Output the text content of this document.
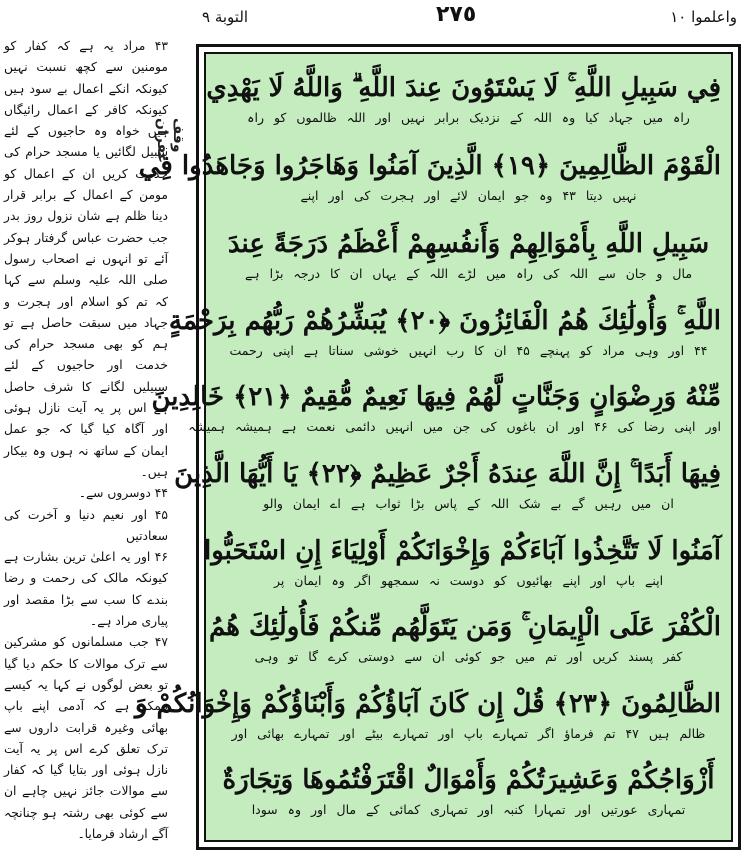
التوبة ٩	٢٧٥	واعلموا ١٠

۴۳ مراد یہ ہے کہ کفار کو مومنین سے کچھ نسبت نہیں کیونکہ انکے اعمال بے سود ہیں کیونکہ کافر کے اعمال رائیگاں ہیں خواہ وہ حاجیوں کے لئے سبیل لگائیں یا مسجد حرام کی خدمت کریں ان کے اعمال کو مومن کے اعمال کے برابر قرار دینا ظلم ہے شان نزول روز بدر جب حضرت عباس گرفتار ہوکر آئے تو انہوں نے اصحاب رسول صلی اللہ علیہ وسلم سے کہا کہ تم کو اسلام اور ہجرت و جہاد میں سبقت حاصل ہے تو ہم کو بھی مسجد حرام کی خدمت اور حاجیوں کے لئے سبیلیں لگانے کا شرف حاصل ہے اس پر یہ آیت نازل ہوئی اور آگاہ کیا گیا کہ جو عمل ایمان کے ساتھ نہ ہوں وہ بیکار ہیں۔

۴۴ دوسروں سے۔

۴۵ اور نعیم دنیا و آخرت کی سعادتیں

۴۶ اور یہ اعلیٰ ترین بشارت ہے کیونکہ مالک کی رحمت و رضا بندے کا سب سے بڑا مقصد اور پیاری مراد ہے۔

۴۷ جب مسلمانوں کو مشرکین سے ترک موالات کا حکم دیا گیا تو بعض لوگوں نے کہا یہ کیسے ممکن ہے کہ آدمی اپنے باپ بھائی وغیرہ قرابت داروں سے ترک تعلق کرے اس پر یہ آیت نازل ہوئی اور بتایا گیا کہ کفار سے موالات جائز نہیں چاہے ان سے کوئی بھی رشتہ ہو چنانچہ آگے ارشاد فرمایا۔

وقف غفران
فِي سَبِيلِ اللَّهِ ۚ لَا يَسْتَوُونَ عِندَ اللَّهِ ۗ وَاللَّهُ لَا يَهْدِي
راہ میں جہاد کیا وہ اللہ کے نزدیک برابر نہیں اور اللہ ظالموں کو راہ
الْقَوْمَ الظَّالِمِينَ ﴿١٩﴾ الَّذِينَ آمَنُوا وَهَاجَرُوا وَجَاهَدُوا فِي
نہیں دیتا ۴۳ وہ جو ایمان لائے اور ہجرت کی اور اپنے
سَبِيلِ اللَّهِ بِأَمْوَالِهِمْ وَأَنفُسِهِمْ أَعْظَمُ دَرَجَةً عِندَ
مال و جان سے اللہ کی راہ میں لڑے اللہ کے یہاں ان کا درجہ بڑا ہے
اللَّهِ ۚ وَأُولَٰئِكَ هُمُ الْفَائِزُونَ ﴿٢٠﴾ يُبَشِّرُهُمْ رَبُّهُم بِرَحْمَةٍ
۴۴ اور وہی مراد کو پہنچے ۴۵ ان کا رب انہیں خوشی سناتا ہے اپنی رحمت
مِّنْهُ وَرِضْوَانٍ وَجَنَّاتٍ لَّهُمْ فِيهَا نَعِيمٌ مُّقِيمٌ ﴿٢١﴾ خَالِدِينَ
اور اپنی رضا کی ۴۶ اور ان باغوں کی جن میں انہیں دائمی نعمت ہے ہمیشہ ہمیشہ
فِيهَا أَبَدًا ۚ إِنَّ اللَّهَ عِندَهُ أَجْرٌ عَظِيمٌ ﴿٢٢﴾ يَا أَيُّهَا الَّذِينَ
ان میں رہیں گے بے شک اللہ کے پاس بڑا ثواب ہے اے ایمان والو
آمَنُوا لَا تَتَّخِذُوا آبَاءَكُمْ وَإِخْوَانَكُمْ أَوْلِيَاءَ إِنِ اسْتَحَبُّوا
اپنے باپ اور اپنے بھائیوں کو دوست نہ سمجھو اگر وہ ایمان پر
الْكُفْرَ عَلَى الْإِيمَانِ ۚ وَمَن يَتَوَلَّهُم مِّنكُمْ فَأُولَٰئِكَ هُمُ
کفر پسند کریں اور تم میں جو کوئی ان سے دوستی کرے گا تو وہی
الظَّالِمُونَ ﴿٢٣﴾ قُلْ إِن كَانَ آبَاؤُكُمْ وَأَبْنَاؤُكُمْ وَإِخْوَانُكُمْ وَ
ظالم ہیں ۴۷ تم فرماؤ اگر تمہارے باپ اور تمہارے بیٹے اور تمہارے بھائی اور
أَزْوَاجُكُمْ وَعَشِيرَتُكُمْ وَأَمْوَالٌ اقْتَرَفْتُمُوهَا وَتِجَارَةٌ
تمہاری عورتیں اور تمہارا کنبہ اور تمہاری کمائی کے مال اور وہ سودا
